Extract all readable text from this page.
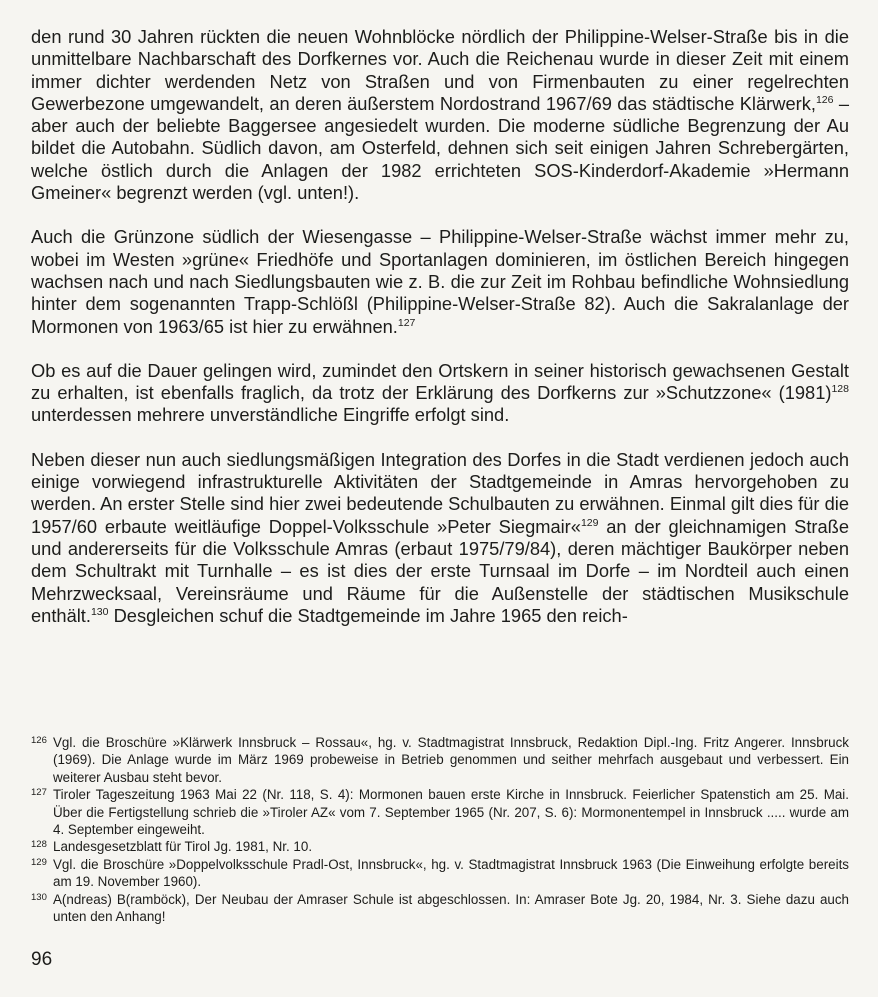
den rund 30 Jahren rückten die neuen Wohnblöcke nördlich der Philippine-Welser-Straße bis in die unmittelbare Nachbarschaft des Dorfkernes vor. Auch die Reichenau wurde in dieser Zeit mit einem immer dichter werdenden Netz von Straßen und von Firmenbauten zu einer regelrechten Gewerbezone umgewandelt, an deren äußerstem Nordostrand 1967/69 das städtische Klärwerk,$^{126}$ – aber auch der beliebte Baggersee angesiedelt wurden. Die moderne südliche Begrenzung der Au bildet die Autobahn. Südlich davon, am Osterfeld, dehnen sich seit einigen Jahren Schrebergärten, welche östlich durch die Anlagen der 1982 errichteten SOS-Kinderdorf-Akademie »Hermann Gmeiner« begrenzt werden (vgl. unten!).

Auch die Grünzone südlich der Wiesengasse – Philippine-Welser-Straße wächst immer mehr zu, wobei im Westen »grüne« Friedhöfe und Sportanlagen dominieren, im östlichen Bereich hingegen wachsen nach und nach Siedlungsbauten wie z. B. die zur Zeit im Rohbau befindliche Wohnsiedlung hinter dem sogenannten Trapp-Schlößl (Philippine-Welser-Straße 82). Auch die Sakralanlage der Mormonen von 1963/65 ist hier zu erwähnen.$^{127}$

Ob es auf die Dauer gelingen wird, zumindet den Ortskern in seiner historisch gewachsenen Gestalt zu erhalten, ist ebenfalls fraglich, da trotz der Erklärung des Dorfkerns zur »Schutzzone« $(1981)^{128}$ unterdessen mehrere unverständliche Eingriffe erfolgt sind.

Neben dieser nun auch siedlungsmäßigen Integration des Dorfes in die Stadt verdienen jedoch auch einige vorwiegend infrastrukturelle Aktivitäten der Stadtgemeinde in Amras hervorgehoben zu werden. An erster Stelle sind hier zwei bedeutende Schulbauten zu erwähnen. Einmal gilt dies für die 1957/60 erbaute weitläufige Doppel-Volksschule »Peter Siegmair«$^{129}$ an der gleichnamigen Straße und andererseits für die Volksschule Amras (erbaut 1975/79/84), deren mächtiger Baukörper neben dem Schultrakt mit Turnhalle – es ist dies der erste Turnsaal im Dorfe – im Nordteil auch einen Mehrzwecksaal, Vereinsräume und Räume für die Außenstelle der städtischen Musikschule enthält.$^{130}$ Desgleichen schuf die Stadtgemeinde im Jahre 1965 den reich-

126 Vgl. die Broschüre »Klärwerk Innsbruck – Rossau«, hg. v. Stadtmagistrat Innsbruck, Redaktion Dipl.-Ing. Fritz Angerer. Innsbruck (1969). Die Anlage wurde im März 1969 probeweise in Betrieb genommen und seither mehrfach ausgebaut und verbessert. Ein weiterer Ausbau steht bevor.

127 Tiroler Tageszeitung 1963 Mai 22 (Nr. 118, S. 4): Mormonen bauen erste Kirche in Innsbruck. Feierlicher Spatenstich am 25. Mai. Über die Fertigstellung schrieb die »Tiroler AZ« vom 7. September 1965 (Nr. 207, S. 6): Mormonentempel in Innsbruck ..... wurde am 4. September eingeweiht.

128 Landesgesetzblatt für Tirol Jg. 1981, Nr. 10.

129 Vgl. die Broschüre »Doppelvolksschule Pradl-Ost, Innsbruck«, hg. v. Stadtmagistrat Innsbruck 1963 (Die Einweihung erfolgte bereits am 19. November 1960).

130 A(ndreas) B(ramböck), Der Neubau der Amraser Schule ist abgeschlossen. In: Amraser Bote Jg. 20, 1984, Nr. 3. Siehe dazu auch unten den Anhang!

96
